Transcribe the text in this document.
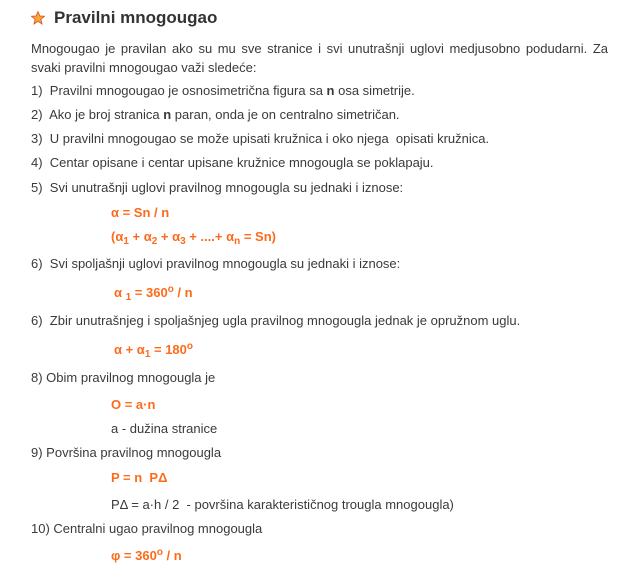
Pravilni mnogougao
Mnogougao je pravilan ako su mu sve stranice i svi unutrašnji uglovi medjusobno podudarni. Za svaki pravilni mnogougao važi sledeće:
1)  Pravilni mnogougao je osnosimetrična figura sa n osa simetrije.
2)  Ako je broj stranica n paran, onda je on centralno simetričan.
3)  U pravilni mnogougao se može upisati kružnica i oko njega  opisati kružnica.
4)  Centar opisane i centar upisane kružnice mnogougla se poklapaju.
5)  Svi unutrašnji uglovi pravilnog mnogougla su jednaki i iznose:
α = Sn / n
($\alpha_1 + \alpha_2 + \alpha_3$ + ....+ $\alpha_n = Sn$)
6)  Svi spoljašnji uglovi pravilnog mnogougla su jednaki i iznose:
α $_1 = 360^o / n$
6)  Zbir unutrašnjeg i spoljašnjeg ugla pravilnog mnogougla jednak je opružnom uglu.
$\alpha + \alpha_1 = 180^o$
8) Obim pravilnog mnogougla je
O = a·n
a - dužina stranice
9) Površina pravilnog mnogougla
P = n  PΔ
PΔ = a·h / 2  - površina karakterističnog trougla mnogougla)
10) Centralni ugao pravilnog mnogougla
$\varphi = 360^o / n$
